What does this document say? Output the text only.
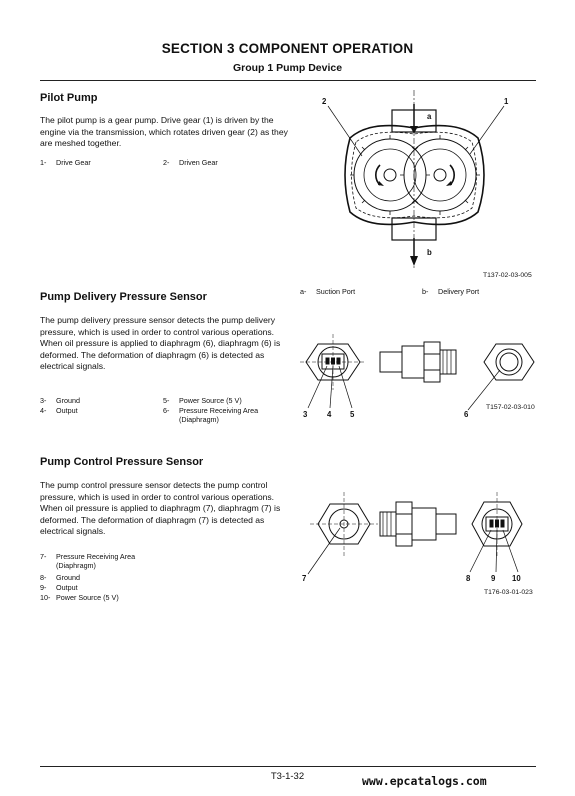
SECTION 3 COMPONENT OPERATION
Group 1 Pump Device
Pilot Pump
The pilot pump is a gear pump. Drive gear (1) is driven by the engine via the transmission, which rotates driven gear (2) as they are meshed together.
1- Drive Gear	2- Driven Gear
2	1
a
b
T137-02-03-005
a- Suction Port	b- Delivery Port
Pump Delivery Pressure Sensor
The pump delivery pressure sensor detects the pump delivery pressure, which is used in order to control various operations. When oil pressure is applied to diaphragm (6), diaphragm (6) is deformed. The deformation of diaphragm (6) is detected as electrical signals.
3- Ground
4- Output
5- Power Source (5 V)
6- Pressure Receiving Area (Diaphragm)
3	4 5	6
T157-02-03-010
Pump Control Pressure Sensor
The pump control pressure sensor detects the pump control pressure, which is used in order to control various operations. When oil pressure is applied to diaphragm (7), diaphragm (7) is deformed. The deformation of diaphragm (7) is detected as electrical signals.
7- Pressure Receiving Area (Diaphragm)
8- Ground
9- Output
10- Power Source (5 V)
7	8	9 10
T176-03-01-023
T3-1-32	www.epcatalogs.com
